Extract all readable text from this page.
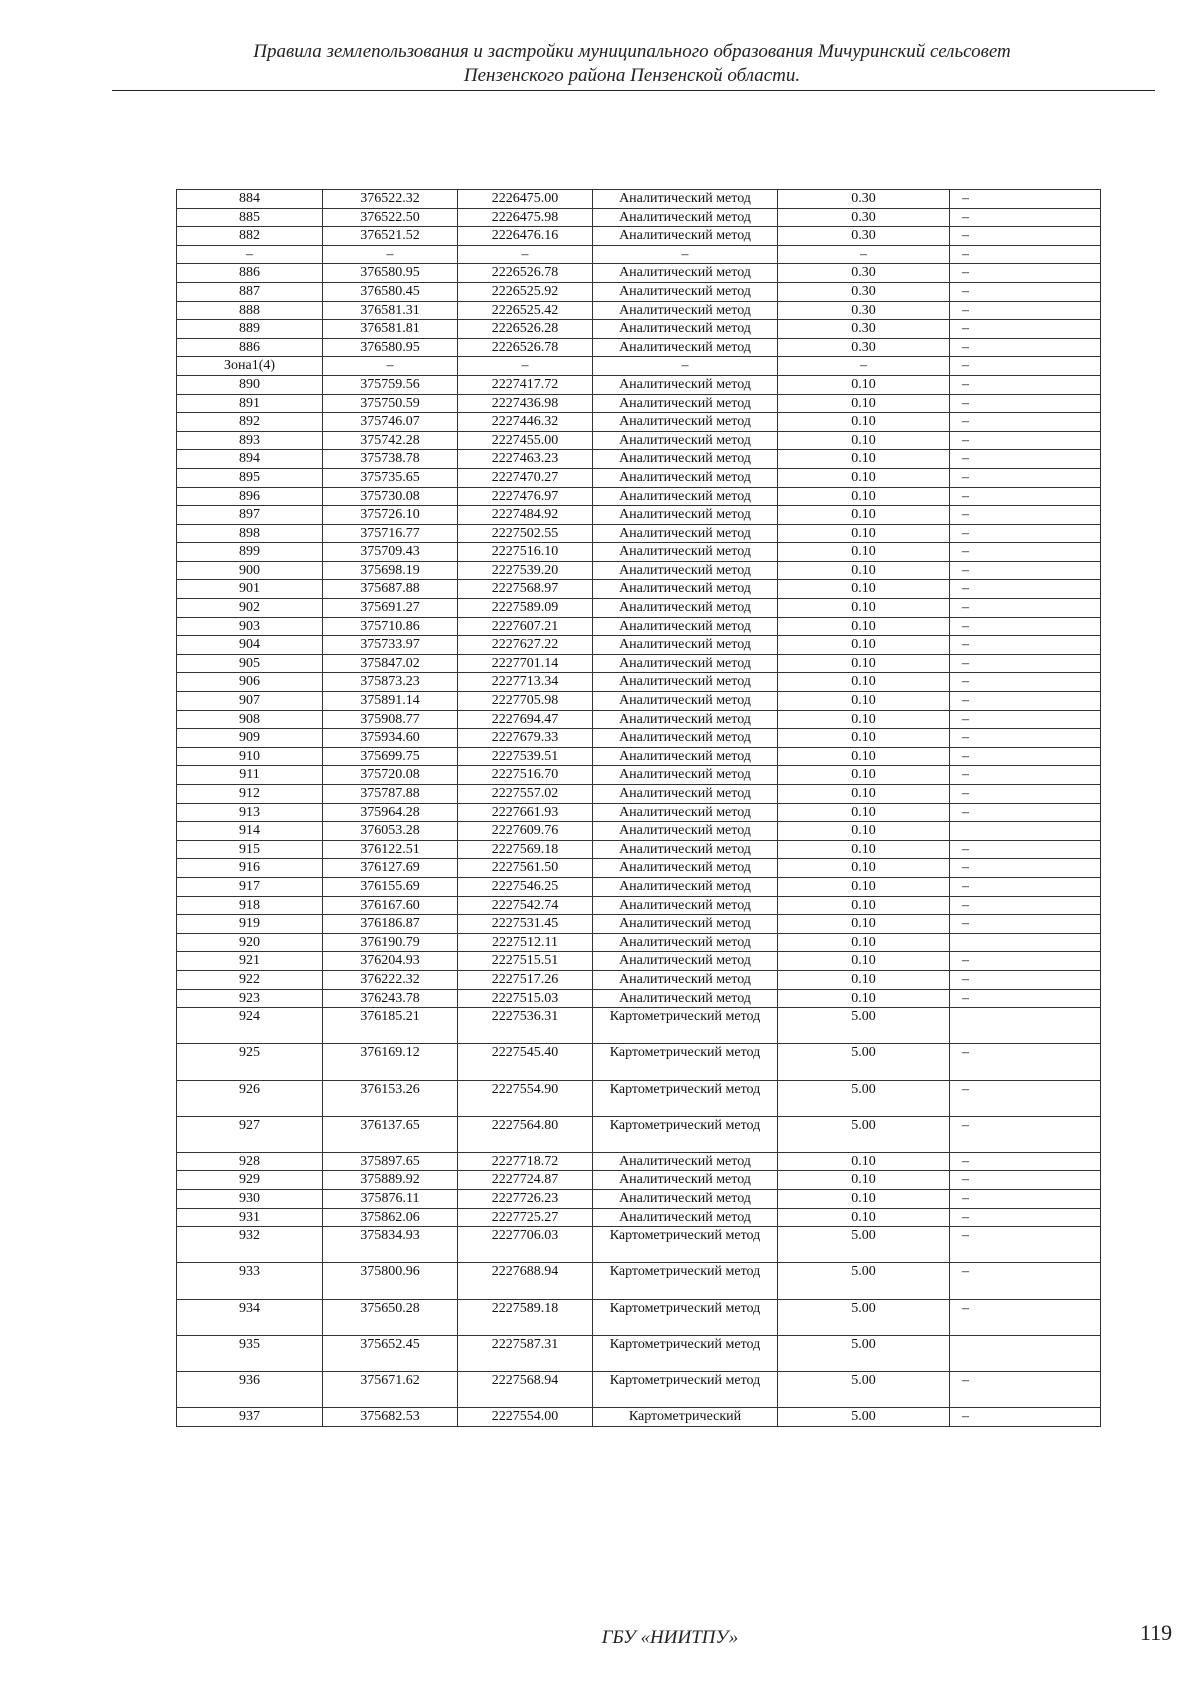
Правила землепользования и застройки муниципального образования Мичуринский сельсовет
Пензенского района Пензенской области.
884	376522.32	2226475.00	Аналитический метод	0.30	–
885	376522.50	2226475.98	Аналитический метод	0.30	–
882	376521.52	2226476.16	Аналитический метод	0.30	–
–	–	–	–	–	–
886	376580.95	2226526.78	Аналитический метод	0.30	–
887	376580.45	2226525.92	Аналитический метод	0.30	–
888	376581.31	2226525.42	Аналитический метод	0.30	–
889	376581.81	2226526.28	Аналитический метод	0.30	–
886	376580.95	2226526.78	Аналитический метод	0.30	–
Зона1(4)	–	–	–	–	–
890	375759.56	2227417.72	Аналитический метод	0.10	–
891	375750.59	2227436.98	Аналитический метод	0.10	–
892	375746.07	2227446.32	Аналитический метод	0.10	–
893	375742.28	2227455.00	Аналитический метод	0.10	–
894	375738.78	2227463.23	Аналитический метод	0.10	–
895	375735.65	2227470.27	Аналитический метод	0.10	–
896	375730.08	2227476.97	Аналитический метод	0.10	–
897	375726.10	2227484.92	Аналитический метод	0.10	–
898	375716.77	2227502.55	Аналитический метод	0.10	–
899	375709.43	2227516.10	Аналитический метод	0.10	–
900	375698.19	2227539.20	Аналитический метод	0.10	–
901	375687.88	2227568.97	Аналитический метод	0.10	–
902	375691.27	2227589.09	Аналитический метод	0.10	–
903	375710.86	2227607.21	Аналитический метод	0.10	–
904	375733.97	2227627.22	Аналитический метод	0.10	–
905	375847.02	2227701.14	Аналитический метод	0.10	–
906	375873.23	2227713.34	Аналитический метод	0.10	–
907	375891.14	2227705.98	Аналитический метод	0.10	–
908	375908.77	2227694.47	Аналитический метод	0.10	–
909	375934.60	2227679.33	Аналитический метод	0.10	–
910	375699.75	2227539.51	Аналитический метод	0.10	–
911	375720.08	2227516.70	Аналитический метод	0.10	–
912	375787.88	2227557.02	Аналитический метод	0.10	–
913	375964.28	2227661.93	Аналитический метод	0.10	–
914	376053.28	2227609.76	Аналитический метод	0.10	
915	376122.51	2227569.18	Аналитический метод	0.10	–
916	376127.69	2227561.50	Аналитический метод	0.10	–
917	376155.69	2227546.25	Аналитический метод	0.10	–
918	376167.60	2227542.74	Аналитический метод	0.10	–
919	376186.87	2227531.45	Аналитический метод	0.10	–
920	376190.79	2227512.11	Аналитический метод	0.10	
921	376204.93	2227515.51	Аналитический метод	0.10	–
922	376222.32	2227517.26	Аналитический метод	0.10	–
923	376243.78	2227515.03	Аналитический метод	0.10	–
924	376185.21	2227536.31	Картометрический метод	5.00	
925	376169.12	2227545.40	Картометрический метод	5.00	–
926	376153.26	2227554.90	Картометрический метод	5.00	–
927	376137.65	2227564.80	Картометрический метод	5.00	–
928	375897.65	2227718.72	Аналитический метод	0.10	–
929	375889.92	2227724.87	Аналитический метод	0.10	–
930	375876.11	2227726.23	Аналитический метод	0.10	–
931	375862.06	2227725.27	Аналитический метод	0.10	–
932	375834.93	2227706.03	Картометрический метод	5.00	–
933	375800.96	2227688.94	Картометрический метод	5.00	–
934	375650.28	2227589.18	Картометрический метод	5.00	–
935	375652.45	2227587.31	Картометрический метод	5.00	
936	375671.62	2227568.94	Картометрический метод	5.00	–
937	375682.53	2227554.00	Картометрический	5.00	–
ГБУ «НИИТПУ»	119
